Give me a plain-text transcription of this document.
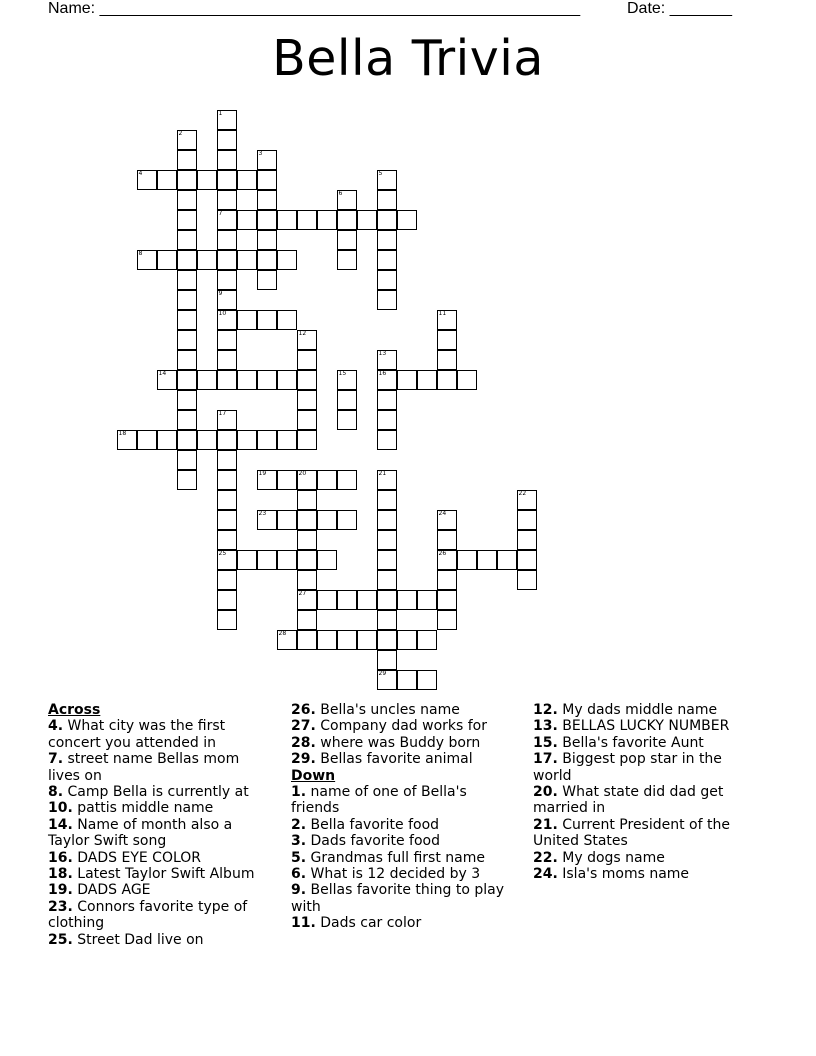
Name: ______________________________________________________	Date: _______
Bella Trivia
1
7
2
3
4	5
6
8
9
10	11
12
13
16
14	15
17
25
18
19	20
27
21
29
22
23	24
26
28
Across
4. What city was the first concert you attended in
7. street name Bellas mom lives on
8. Camp Bella is currently at
10. pattis middle name
14. Name of month also a Taylor Swift song
16. DADS EYE COLOR
18. Latest Taylor Swift Album
19. DADS AGE
23. Connors favorite type of clothing
25. Street Dad live on
26. Bella's uncles name
27. Company dad works for
28. where was Buddy born
29. Bellas favorite animal
Down
1. name of one of Bella's friends
2. Bella favorite food
3. Dads favorite food
5. Grandmas full first name
6. What is 12 decided by 3
9. Bellas favorite thing to play with
11. Dads car color
12. My dads middle name
13. BELLAS LUCKY NUMBER
15. Bella's favorite Aunt
17. Biggest pop star in the world
20. What state did dad get married in
21. Current President of the United States
22. My dogs name
24. Isla's moms name
